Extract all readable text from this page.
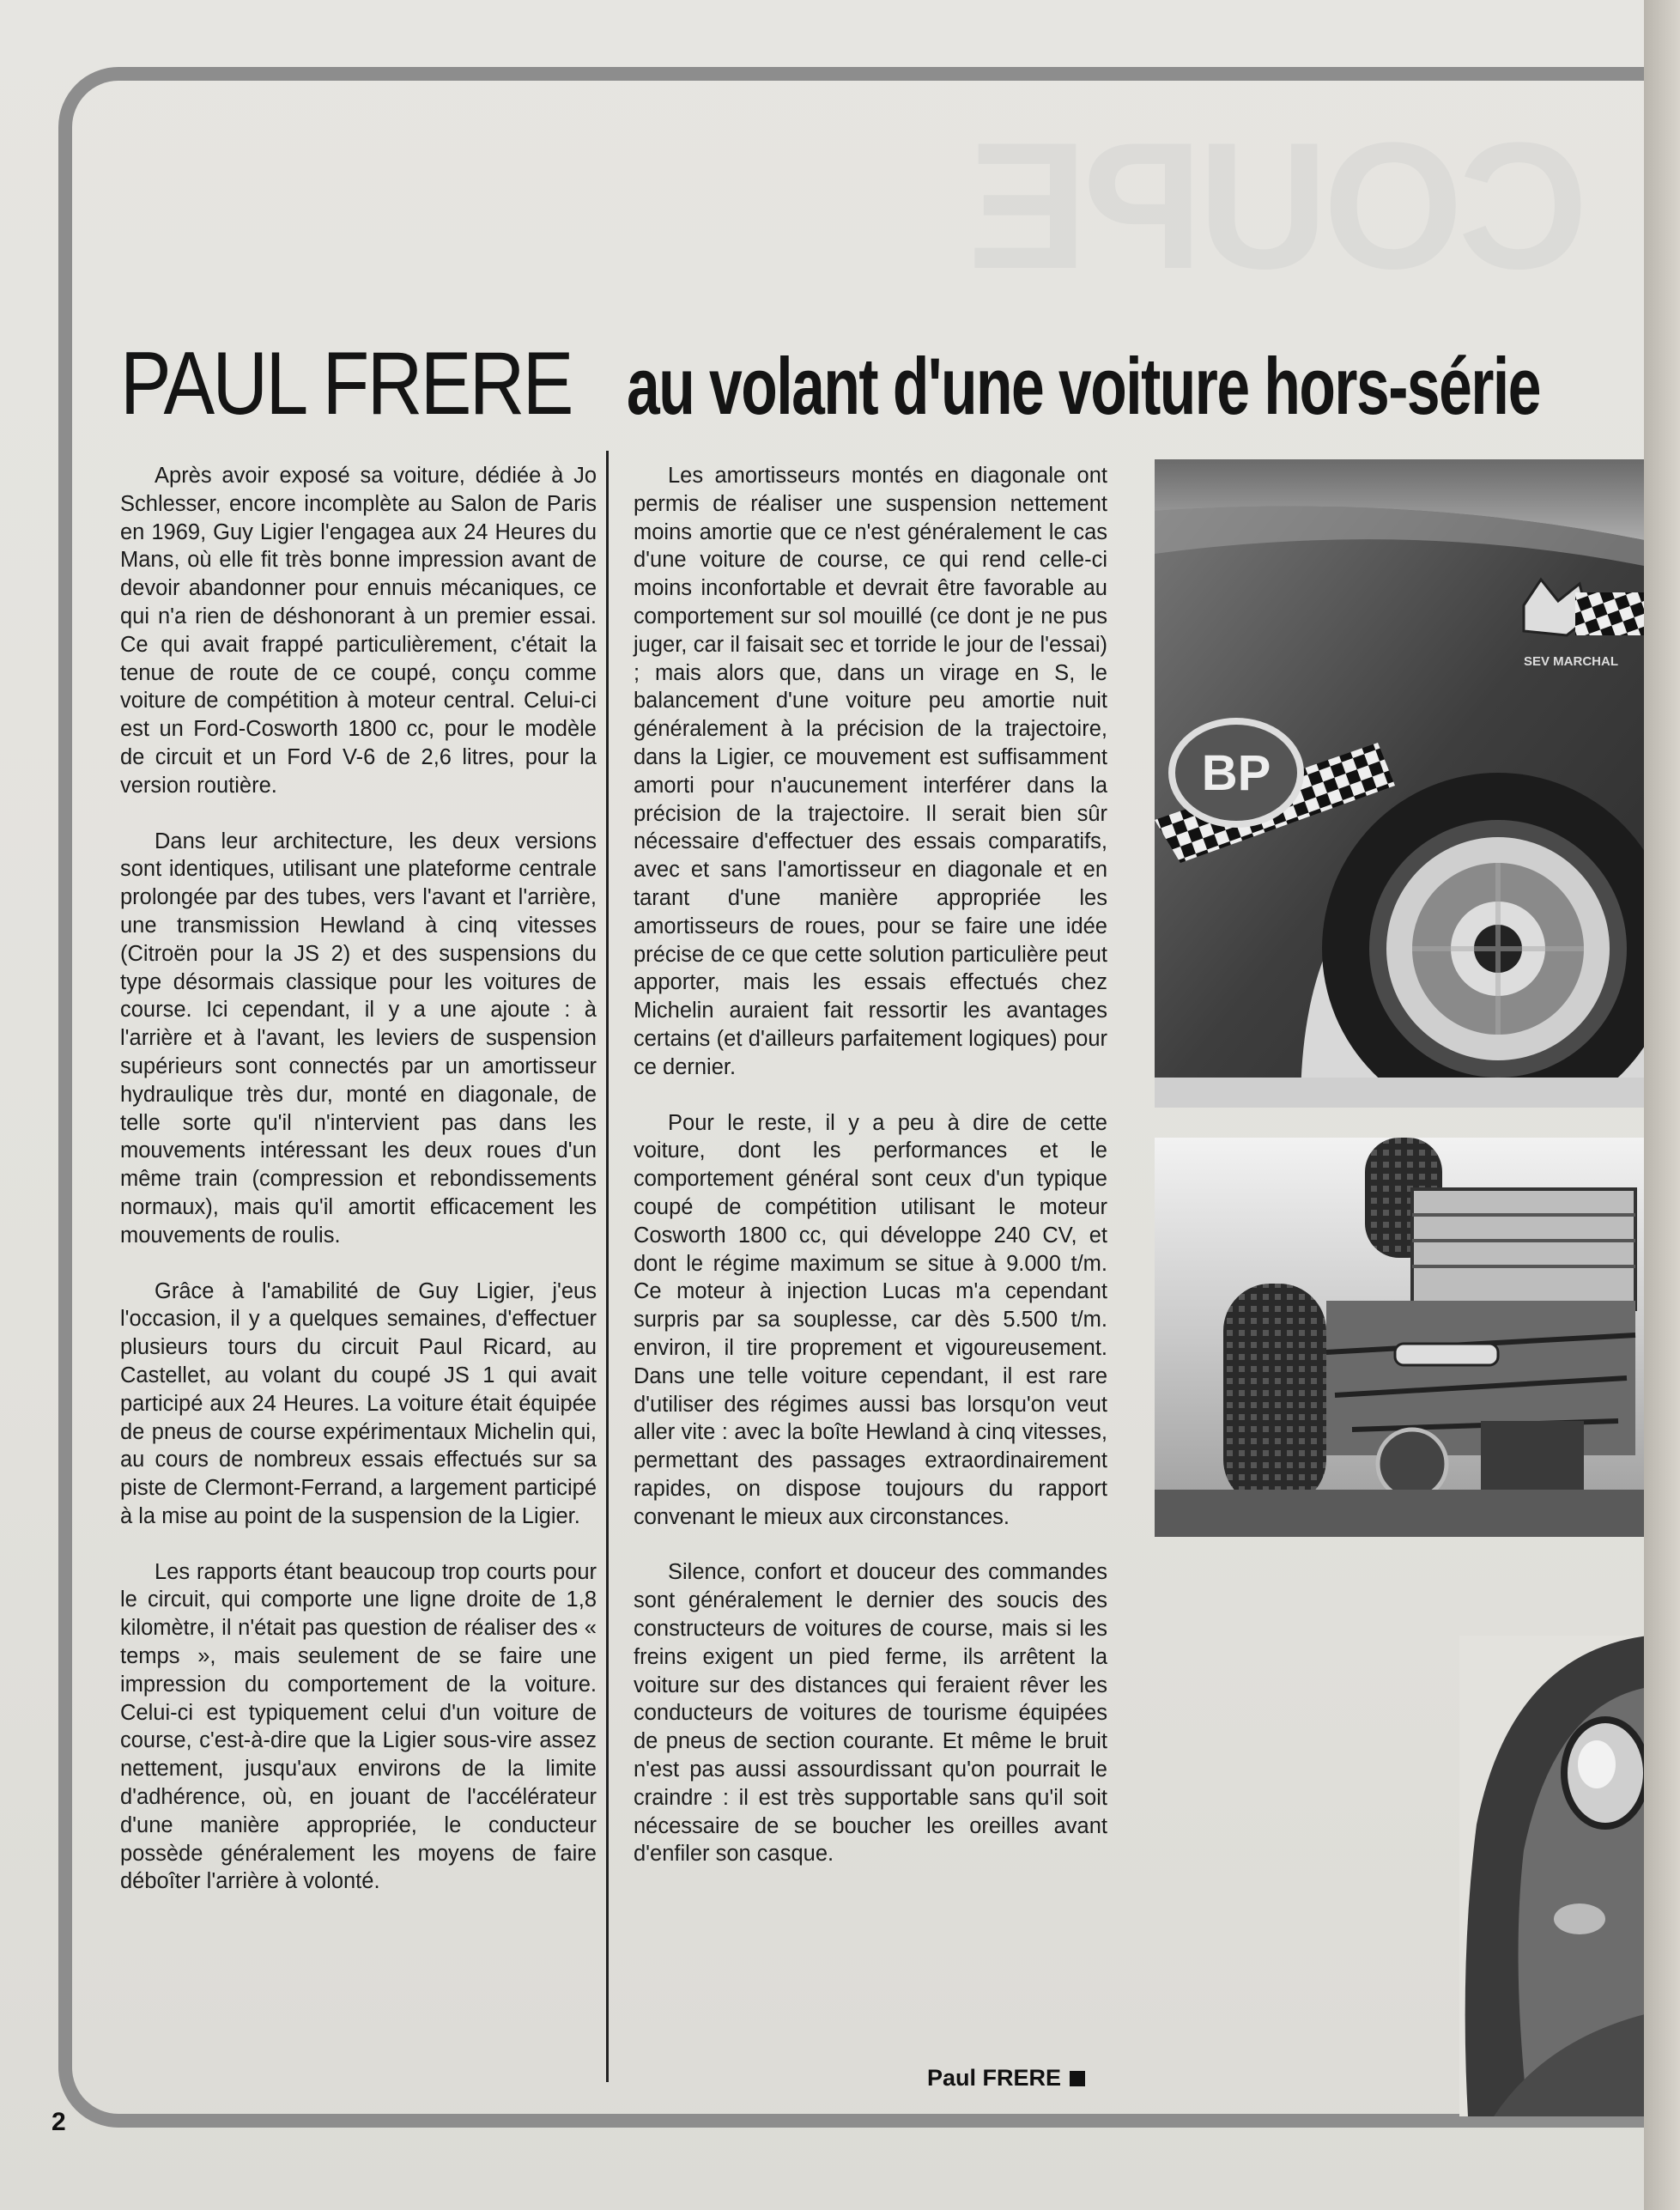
COUPE
PAUL FRERE au volant d'une voiture hors-série

Après avoir exposé sa voiture, dédiée à Jo Schlesser, encore incomplète au Salon de Paris en 1969, Guy Ligier l'engagea aux 24 Heures du Mans, où elle fit très bonne impression avant de devoir abandonner pour ennuis mécaniques, ce qui n'a rien de déshonorant à un premier essai. Ce qui avait frappé particulièrement, c'était la tenue de route de ce coupé, conçu comme voiture de compétition à moteur central. Celui-ci est un Ford-Cosworth 1800 cc, pour le modèle de circuit et un Ford V-6 de 2,6 litres, pour la version routière.

Dans leur architecture, les deux versions sont identiques, utilisant une plateforme centrale prolongée par des tubes, vers l'avant et l'arrière, une transmission Hewland à cinq vitesses (Citroën pour la JS 2) et des suspensions du type désormais classique pour les voitures de course. Ici cependant, il y a une ajoute : à l'arrière et à l'avant, les leviers de suspension supérieurs sont connectés par un amortisseur hydraulique très dur, monté en diagonale, de telle sorte qu'il n'intervient pas dans les mouvements intéressant les deux roues d'un même train (compression et rebondissements normaux), mais qu'il amortit efficacement les mouvements de roulis.

Grâce à l'amabilité de Guy Ligier, j'eus l'occasion, il y a quelques semaines, d'effectuer plusieurs tours du circuit Paul Ricard, au Castellet, au volant du coupé JS 1 qui avait participé aux 24 Heures. La voiture était équipée de pneus de course expérimentaux Michelin qui, au cours de nombreux essais effectués sur sa piste de Clermont-Ferrand, a largement participé à la mise au point de la suspension de la Ligier.

Les rapports étant beaucoup trop courts pour le circuit, qui comporte une ligne droite de 1,8 kilomètre, il n'était pas question de réaliser des « temps », mais seulement de se faire une impression du comportement de la voiture. Celui-ci est typiquement celui d'un voiture de course, c'est-à-dire que la Ligier sous-vire assez nettement, jusqu'aux environs de la limite d'adhérence, où, en jouant de l'accélérateur d'une manière appropriée, le conducteur possède généralement les moyens de faire déboîter l'arrière à volonté.

Les amortisseurs montés en diagonale ont permis de réaliser une suspension nettement moins amortie que ce n'est généralement le cas d'une voiture de course, ce qui rend celle-ci moins inconfortable et devrait être favorable au comportement sur sol mouillé (ce dont je ne pus juger, car il faisait sec et torride le jour de l'essai) ; mais alors que, dans un virage en S, le balancement d'une voiture peu amortie nuit généralement à la précision de la trajectoire, dans la Ligier, ce mouvement est suffisamment amorti pour n'aucunement interférer dans la précision de la trajectoire. Il serait bien sûr nécessaire d'effectuer des essais comparatifs, avec et sans l'amortisseur en diagonale et en tarant d'une manière appropriée les amortisseurs de roues, pour se faire une idée précise de ce que cette solution particulière peut apporter, mais les essais effectués chez Michelin auraient fait ressortir les avantages certains (et d'ailleurs parfaitement logiques) pour ce dernier.

Pour le reste, il y a peu à dire de cette voiture, dont les performances et le comportement général sont ceux d'un typique coupé de compétition utilisant le moteur Cosworth 1800 cc, qui développe 240 CV, et dont le régime maximum se situe à 9.000 t/m. Ce moteur à injection Lucas m'a cependant surpris par sa souplesse, car dès 5.500 t/m. environ, il tire proprement et vigoureusement. Dans une telle voiture cependant, il est rare d'utiliser des régimes aussi bas lorsqu'on veut aller vite : avec la boîte Hewland à cinq vitesses, permettant des passages extraordinairement rapides, on dispose toujours du rapport convenant le mieux aux circonstances.

Silence, confort et douceur des commandes sont généralement le dernier des soucis des constructeurs de voitures de course, mais si les freins exigent un pied ferme, ils arrêtent la voiture sur des distances qui feraient rêver les conducteurs de voitures de tourisme équipées de pneus de section courante. Et même le bruit n'est pas aussi assourdissant qu'on pourrait le craindre : il est très supportable sans qu'il soit nécessaire de se boucher les oreilles avant d'enfiler son casque.

Paul FRERE
2
BP
SEV MARCHAL
